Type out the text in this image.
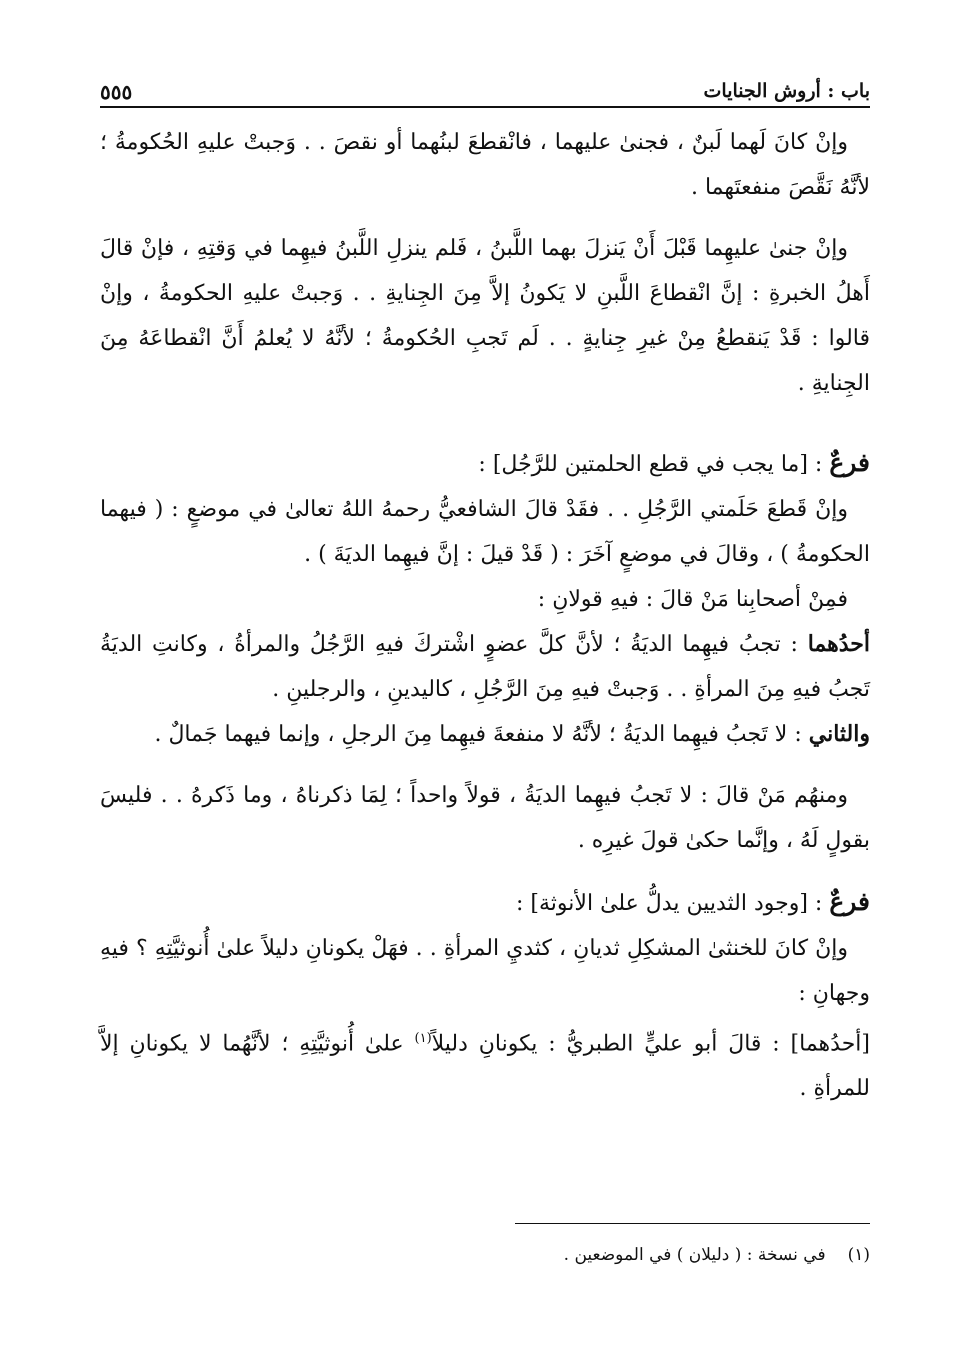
باب : أروش الجنايات
٥٥٥

وإنْ كانَ لَهما لَبنٌ ، فجنىٰ عليهما ، فانْقطعَ لبنُهما أو نقصَ . . وَجبتْ عليهِ الحُكومةُ ؛ لأنَّهُ نَقَّصَ منفعتَهما .

وإنْ جنىٰ عليهِما قَبْلَ أَنْ يَنزلَ بهما اللَّبنُ ، فَلم ينزلِ اللَّبنُ فيهِما في وَقتِهِ ، فإنْ قالَ أَهلُ الخبرةِ : إنَّ انْقطاعَ اللَّبنِ لا يَكونُ إلاَّ مِنَ الجِنايةِ . . وَجبتْ عليهِ الحكومةُ ، وإنْ قالوا : قَدْ يَنقطعُ مِنْ غيرِ جِنايةٍ . . لَم تَجبِ الحُكومةُ ؛ لأنَّهُ لا يُعلمُ أَنَّ انْقطاعَهُ مِنَ الجِنايةِ .

فرعٌ : [ما يجب في قطع الحلمتين للرَّجُل] :

وإنْ قَطعَ حَلَمتي الرَّجُلِ . . فقَدْ قالَ الشافعيُّ رحمهُ اللهُ تعالىٰ في موضعٍ : ( فيهما الحكومةُ ) ، وقالَ في موضعٍ آخَرَ : ( قَدْ قيلَ : إنَّ فيهِما الديَةَ ) .

فمِنْ أصحابِنا مَنْ قالَ : فيهِ قولانِ :

أحدُهما : تجبُ فيهِما الديَةُ ؛ لأنَّ كلَّ عضوٍ اشْتركَ فيهِ الرَّجُلُ والمرأةُ ، وكانتِ الديَةُ تَجبُ فيهِ مِنَ المرأةِ . . وَجبتْ فيهِ مِنَ الرَّجُلِ ، كاليدينِ ، والرجلينِ .

والثاني : لا تَجبُ فيهِما الديَةُ ؛ لأنَّهُ لا منفعةَ فيهِما مِنَ الرجلِ ، وإنما فيهما جَمالٌ .

ومنهُم مَنْ قالَ : لا تَجبُ فيهِما الديَةُ ، قولاً واحداً ؛ لِمَا ذكرناهُ ، وما ذَكرهُ . . فليسَ بقولٍ لَهُ ، وإنَّما حكىٰ قولَ غيرِه .

فرعٌ : [وجود الثديين يدلُّ علىٰ الأنوثة] :

وإنْ كانَ للخنثىٰ المشكِلِ ثديانِ ، كثديِ المرأةِ . . فهَلْ يكونانِ دليلاً علىٰ أُنوثيَّتِهِ ؟ فيهِ وجهانِ :

[أحدُهما] : قالَ أبو عليٍّ الطبريُّ : يكونانِ دليلاً$^{(١)}$ علىٰ أُنوثيَّتِهِ ؛ لأنَّهُما لا يكونانِ إلاَّ للمرأةِ .

(١)في نسخة : ( دليلان ) في الموضعين .
